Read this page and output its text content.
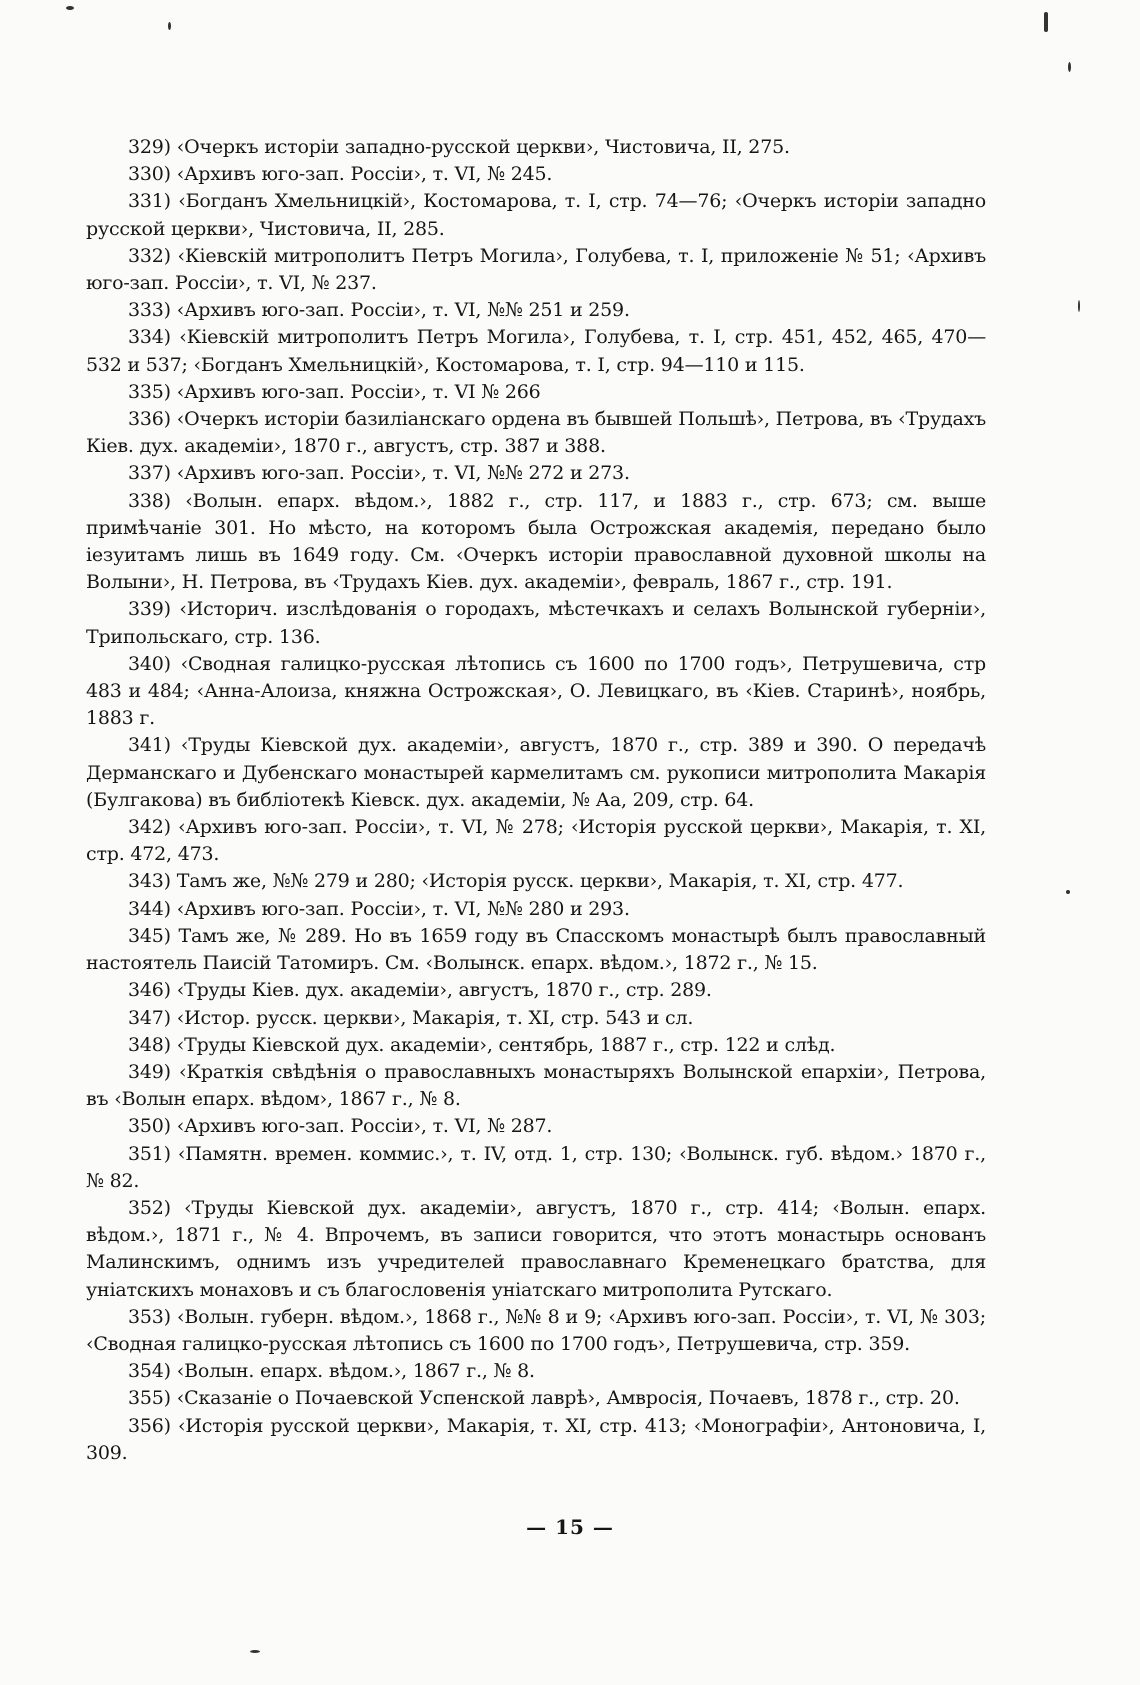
329) ‹Очеркъ исторіи западно-русской церкви›, Чистовича, II, 275.

330) ‹Архивъ юго-зап. Россіи›, т. VI, № 245.

331) ‹Богданъ Хмельницкій›, Костомарова, т. I, стр. 74—76; ‹Очеркъ исторіи западно русской церкви›, Чистовича, II, 285.

332) ‹Кіевскій митрополитъ Петръ Могила›, Голубева, т. I, приложеніе № 51; ‹Архивъ юго-зап. Россіи›, т. VI, № 237.

333) ‹Архивъ юго-зап. Россіи›, т. VI, №№ 251 и 259.

334) ‹Кіевскій митрополитъ Петръ Могила›, Голубева, т. I, стр. 451, 452, 465, 470—532 и 537; ‹Богданъ Хмельницкій›, Костомарова, т. I, стр. 94—110 и 115.

335) ‹Архивъ юго-зап. Россіи›, т. VI № 266

336) ‹Очеркъ исторіи базиліанскаго ордена въ бывшей Польшѣ›, Петрова, въ ‹Трудахъ Кіев. дух. академіи›, 1870 г., августъ, стр. 387 и 388.

337) ‹Архивъ юго-зап. Россіи›, т. VI, №№ 272 и 273.

338) ‹Волын. епарх. вѣдом.›, 1882 г., стр. 117, и 1883 г., стр. 673; см. выше примѣчаніе 301. Но мѣсто, на которомъ была Острожская академія, передано было іезуитамъ лишь въ 1649 году. См. ‹Очеркъ исторіи православной духовной школы на Волыни›, Н. Петрова, въ ‹Трудахъ Кіев. дух. академіи›, февраль, 1867 г., стр. 191.

339) ‹Историч. изслѣдованія о городахъ, мѣстечкахъ и селахъ Волынской губерніи›, Трипольскаго, стр. 136.

340) ‹Сводная галицко-русская лѣтопись съ 1600 по 1700 годъ›, Петрушевича, стр 483 и 484; ‹Анна-Алоиза, княжна Острожская›, О. Левицкаго, въ ‹Кіев. Старинѣ›, ноябрь, 1883 г.

341) ‹Труды Кіевской дух. академіи›, августъ, 1870 г., стр. 389 и 390. О передачѣ Дерманскаго и Дубенскаго монастырей кармелитамъ см. рукописи митрополита Макарія (Булгакова) въ библіотекѣ Кіевск. дух. академіи, № Аа, 209, стр. 64.

342) ‹Архивъ юго-зап. Россіи›, т. VI, № 278; ‹Исторія русской церкви›, Макарія, т. XI, стр. 472, 473.

343) Тамъ же, №№ 279 и 280; ‹Исторія русск. церкви›, Макарія, т. XI, стр. 477.

344) ‹Архивъ юго-зап. Россіи›, т. VI, №№ 280 и 293.

345) Тамъ же, № 289. Но въ 1659 году въ Спасскомъ монастырѣ былъ православный настоятель Паисій Татомиръ. См. ‹Волынск. епарх. вѣдом.›, 1872 г., № 15.

346) ‹Труды Кіев. дух. академіи›, августъ, 1870 г., стр. 289.

347) ‹Истор. русск. церкви›, Макарія, т. XI, стр. 543 и сл.

348) ‹Труды Кіевской дух. академіи›, сентябрь, 1887 г., стр. 122 и слѣд.

349) ‹Краткія свѣдѣнія о православныхъ монастыряхъ Волынской епархіи›, Петрова, въ ‹Волын епарх. вѣдом›, 1867 г., № 8.

350) ‹Архивъ юго-зап. Россіи›, т. VI, № 287.

351) ‹Памятн. времен. коммис.›, т. IV, отд. 1, стр. 130; ‹Волынск. губ. вѣдом.› 1870 г., № 82.

352) ‹Труды Кіевской дух. академіи›, августъ, 1870 г., стр. 414; ‹Волын. епарх. вѣдом.›, 1871 г., № 4. Впрочемъ, въ записи говорится, что этотъ монастырь основанъ Малинскимъ, однимъ изъ учредителей православнаго Кременецкаго братства, для уніатскихъ монаховъ и съ благословенія уніатскаго митрополита Рутскаго.

353) ‹Волын. губерн. вѣдом.›, 1868 г., №№ 8 и 9; ‹Архивъ юго-зап. Россіи›, т. VI, № 303; ‹Сводная галицко-русская лѣтопись съ 1600 по 1700 годъ›, Петрушевича, стр. 359.

354) ‹Волын. епарх. вѣдом.›, 1867 г., № 8.

355) ‹Сказаніе о Почаевской Успенской лаврѣ›, Амвросія, Почаевъ, 1878 г., стр. 20.

356) ‹Исторія русской церкви›, Макарія, т. XI, стр. 413; ‹Монографіи›, Антоновича, I, 309.

— 15 —
